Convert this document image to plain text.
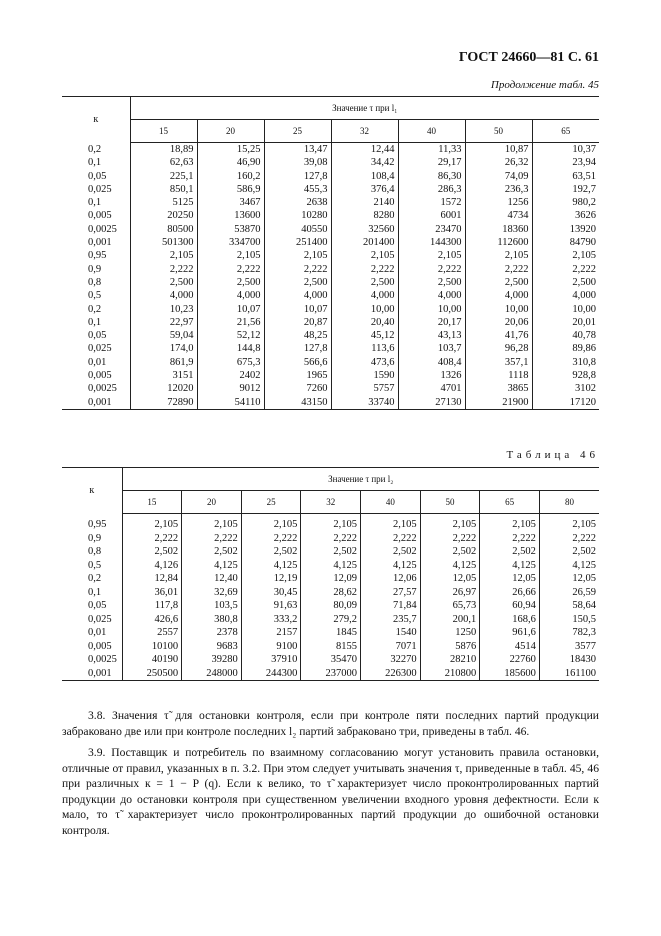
ГОСТ 24660—81 С. 61
Продолжение табл. 45
к	Значение τ при l₁						
	15	20	25	32	40	50	65
0,2	18,89	15,25	13,47	12,44	11,33	10,87	10,37
0,1	62,63	46,90	39,08	34,42	29,17	26,32	23,94
0,05	225,1	160,2	127,8	108,4	86,30	74,09	63,51
0,025	850,1	586,9	455,3	376,4	286,3	236,3	192,7
0,1	5125	3467	2638	2140	1572	1256	980,2
0,005	20250	13600	10280	8280	6001	4734	3626
0,0025	80500	53870	40550	32560	23470	18360	13920
0,001	501300	334700	251400	201400	144300	112600	84790
0,95	2,105	2,105	2,105	2,105	2,105	2,105	2,105
0,9	2,222	2,222	2,222	2,222	2,222	2,222	2,222
0,8	2,500	2,500	2,500	2,500	2,500	2,500	2,500
0,5	4,000	4,000	4,000	4,000	4,000	4,000	4,000
0,2	10,23	10,07	10,07	10,00	10,00	10,00	10,00
0,1	22,97	21,56	20,87	20,40	20,17	20,06	20,01
0,05	59,04	52,12	48,25	45,12	43,13	41,76	40,78
0,025	174,0	144,8	127,8	113,6	103,7	96,28	89,86
0,01	861,9	675,3	566,6	473,6	408,4	357,1	310,8
0,005	3151	2402	1965	1590	1326	1118	928,8
0,0025	12020	9012	7260	5757	4701	3865	3102
0,001	72890	54110	43150	33740	27130	21900	17120
Таблица 46
к	Значение τ при l₂							
	15	20	25	32	40	50	65	80
0,95	2,105	2,105	2,105	2,105	2,105	2,105	2,105	2,105
0,9	2,222	2,222	2,222	2,222	2,222	2,222	2,222	2,222
0,8	2,502	2,502	2,502	2,502	2,502	2,502	2,502	2,502
0,5	4,126	4,125	4,125	4,125	4,125	4,125	4,125	4,125
0,2	12,84	12,40	12,19	12,09	12,06	12,05	12,05	12,05
0,1	36,01	32,69	30,45	28,62	27,57	26,97	26,66	26,59
0,05	117,8	103,5	91,63	80,09	71,84	65,73	60,94	58,64
0,025	426,6	380,8	333,2	279,2	235,7	200,1	168,6	150,5
0,01	2557	2378	2157	1845	1540	1250	961,6	782,3
0,005	10100	9683	9100	8155	7071	5876	4514	3577
0,0025	40190	39280	37910	35470	32270	28210	22760	18430
0,001	250500	248000	244300	237000	226300	210800	185600	161100

3.8. Значения τ̃ для остановки контроля, если при контроле пяти последних партий продукции забраковано две или при контроле последних l₂ партий забраковано три, приведены в табл. 46.

3.9. Поставщик и потребитель по взаимному согласованию могут установить правила остановки, отличные от правил, указанных в п. 3.2. При этом следует учитывать значения τ, приведенные в табл. 45, 46 при различных к = 1 − P (q). Если к велико, то τ̃ характеризует число проконтролированных партий продукции до остановки контроля при существенном увеличении входного уровня дефектности. Если к мало, то τ̃ характеризует число проконтролированных партий продукции до ошибочной остановки контроля.
